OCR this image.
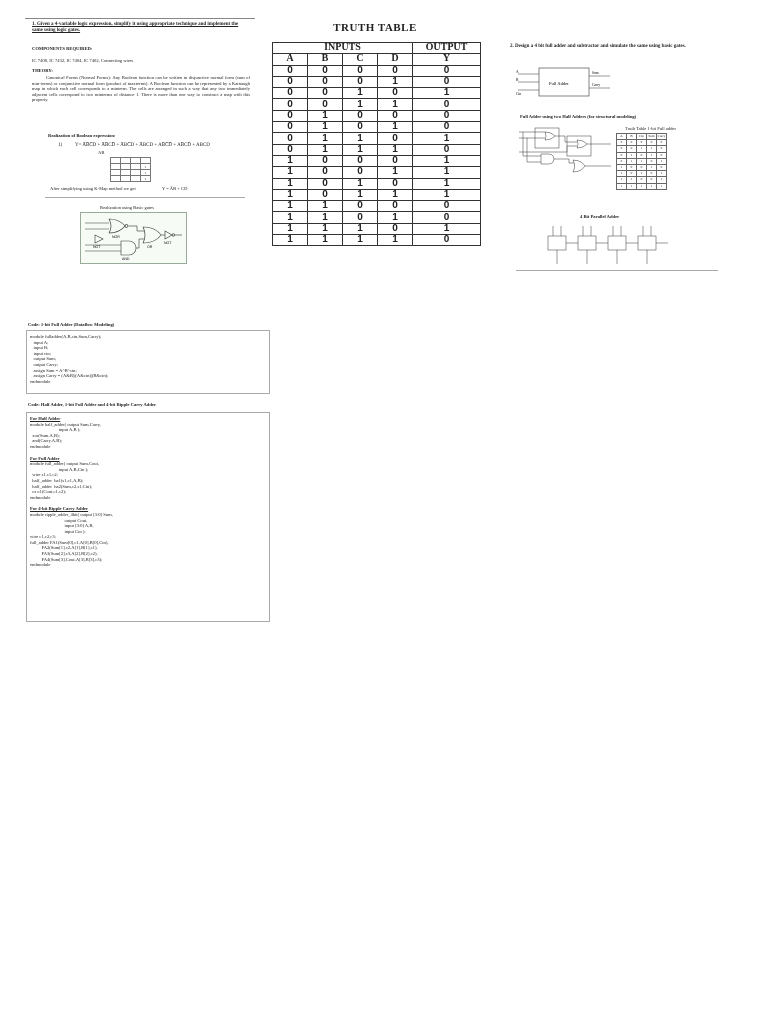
1. Given a 4-variable logic expression, simplify it using appropriate technique and implement the same using logic gates.
COMPONENTS REQUIRED:
IC 7408, IC 7432, IC 7404, IC 7402, Connecting wires
THEORY:
Canonical Forms (Normal Forms): Any Boolean function can be written in disjunctive normal form (sum of min-terms) or conjunctive normal form (product of maxterms). A Boolean function can be represented by a Karnaugh map in which each cell corresponds to a minterm. The cells are arranged in such a way that any two immediately adjacent cells correspond to two minterms of distance 1. There is more than one way to construct a map with this property.
Realization of Boolean expression:
1)	Y= A̅B̅C̅D + A̅B̅CD̅ + A̅BC̅D + A̅BCD + AB̅C̅D̅ + AB̅CD̅ + ABCD
AB

			1
			1
			1
After simplifying using K-Map method we get	Y = A̅B + CD
Realization using Basic gates
NOR
AND
NOT	OR
NOT
TRUTH TABLE
INPUTS				OUTPUT
A	B	C	D	Y
0	0	0	0	0
0	0	0	1	0
0	0	1	0	1
0	0	1	1	0
0	1	0	0	0
0	1	0	1	0
0	1	1	0	1
0	1	1	1	0
1	0	0	0	1
1	0	0	1	1
1	0	1	0	1
1	0	1	1	1
1	1	0	0	0
1	1	0	1	0
1	1	1	0	1
1	1	1	1	0
2. Design a 4 bit full adder and subtractor and simulate the same using basic gates.
Full Adder
A
B
Cin
Sum
Carry
Full Adder using two Half Adders (for structural modeling)
Truth Table 1-bit Full adder
A	B	Cin	Sum	Carry
0	0	0	0	0
0	0	1	1	0
0	1	0	1	0
0	1	1	0	1
1	0	0	1	0
1	0	1	0	1
1	1	0	0	1
1	1	1	1	1
4 Bit Parallel Adder
Code: 1-bit Full Adder (Dataflow Modeling)
module fulladder(A,B,cin,Sum,Carry);
input A;
input B;
input cin;
output Sum;
output Carry;
assign Sum = A^B^cin;
assign Carry = (A&B)|(A&cin)|(B&cin);
endmodule
Code: Half Adder, 1-bit Full Adder and 4-bit Ripple Carry Adder
For Half Adder
module half_adder( output Sum,Carry,
input A,B );
xor(Sum,A,B);
and(Carry,A,B);
endmodule
For Full Adder
module full_adder( output Sum,Cout,
input A,B,Cin );
wire s1,c1,c2;
half_adder  ha1(s1,c1,A,B);
half_adder  ha2(Sum,c2,s1,Cin);
or o1(Cout,c1,c2);
endmodule
For 4-bit Ripple Carry Adder
module ripple_adder_4bit( output [3:0] Sum,
output Cout,
input [3:0] A,B,
input Cin );
wire c1,c2,c3;
full_adder FA1(Sum[0],c1,A[0],B[0],Cin),
FA2(Sum[1],c2,A[1],B[1],c1),
FA3(Sum[2],c3,A[2],B[2],c2),
FA4(Sum[3],Cout,A[3],B[3],c3);
endmodule
